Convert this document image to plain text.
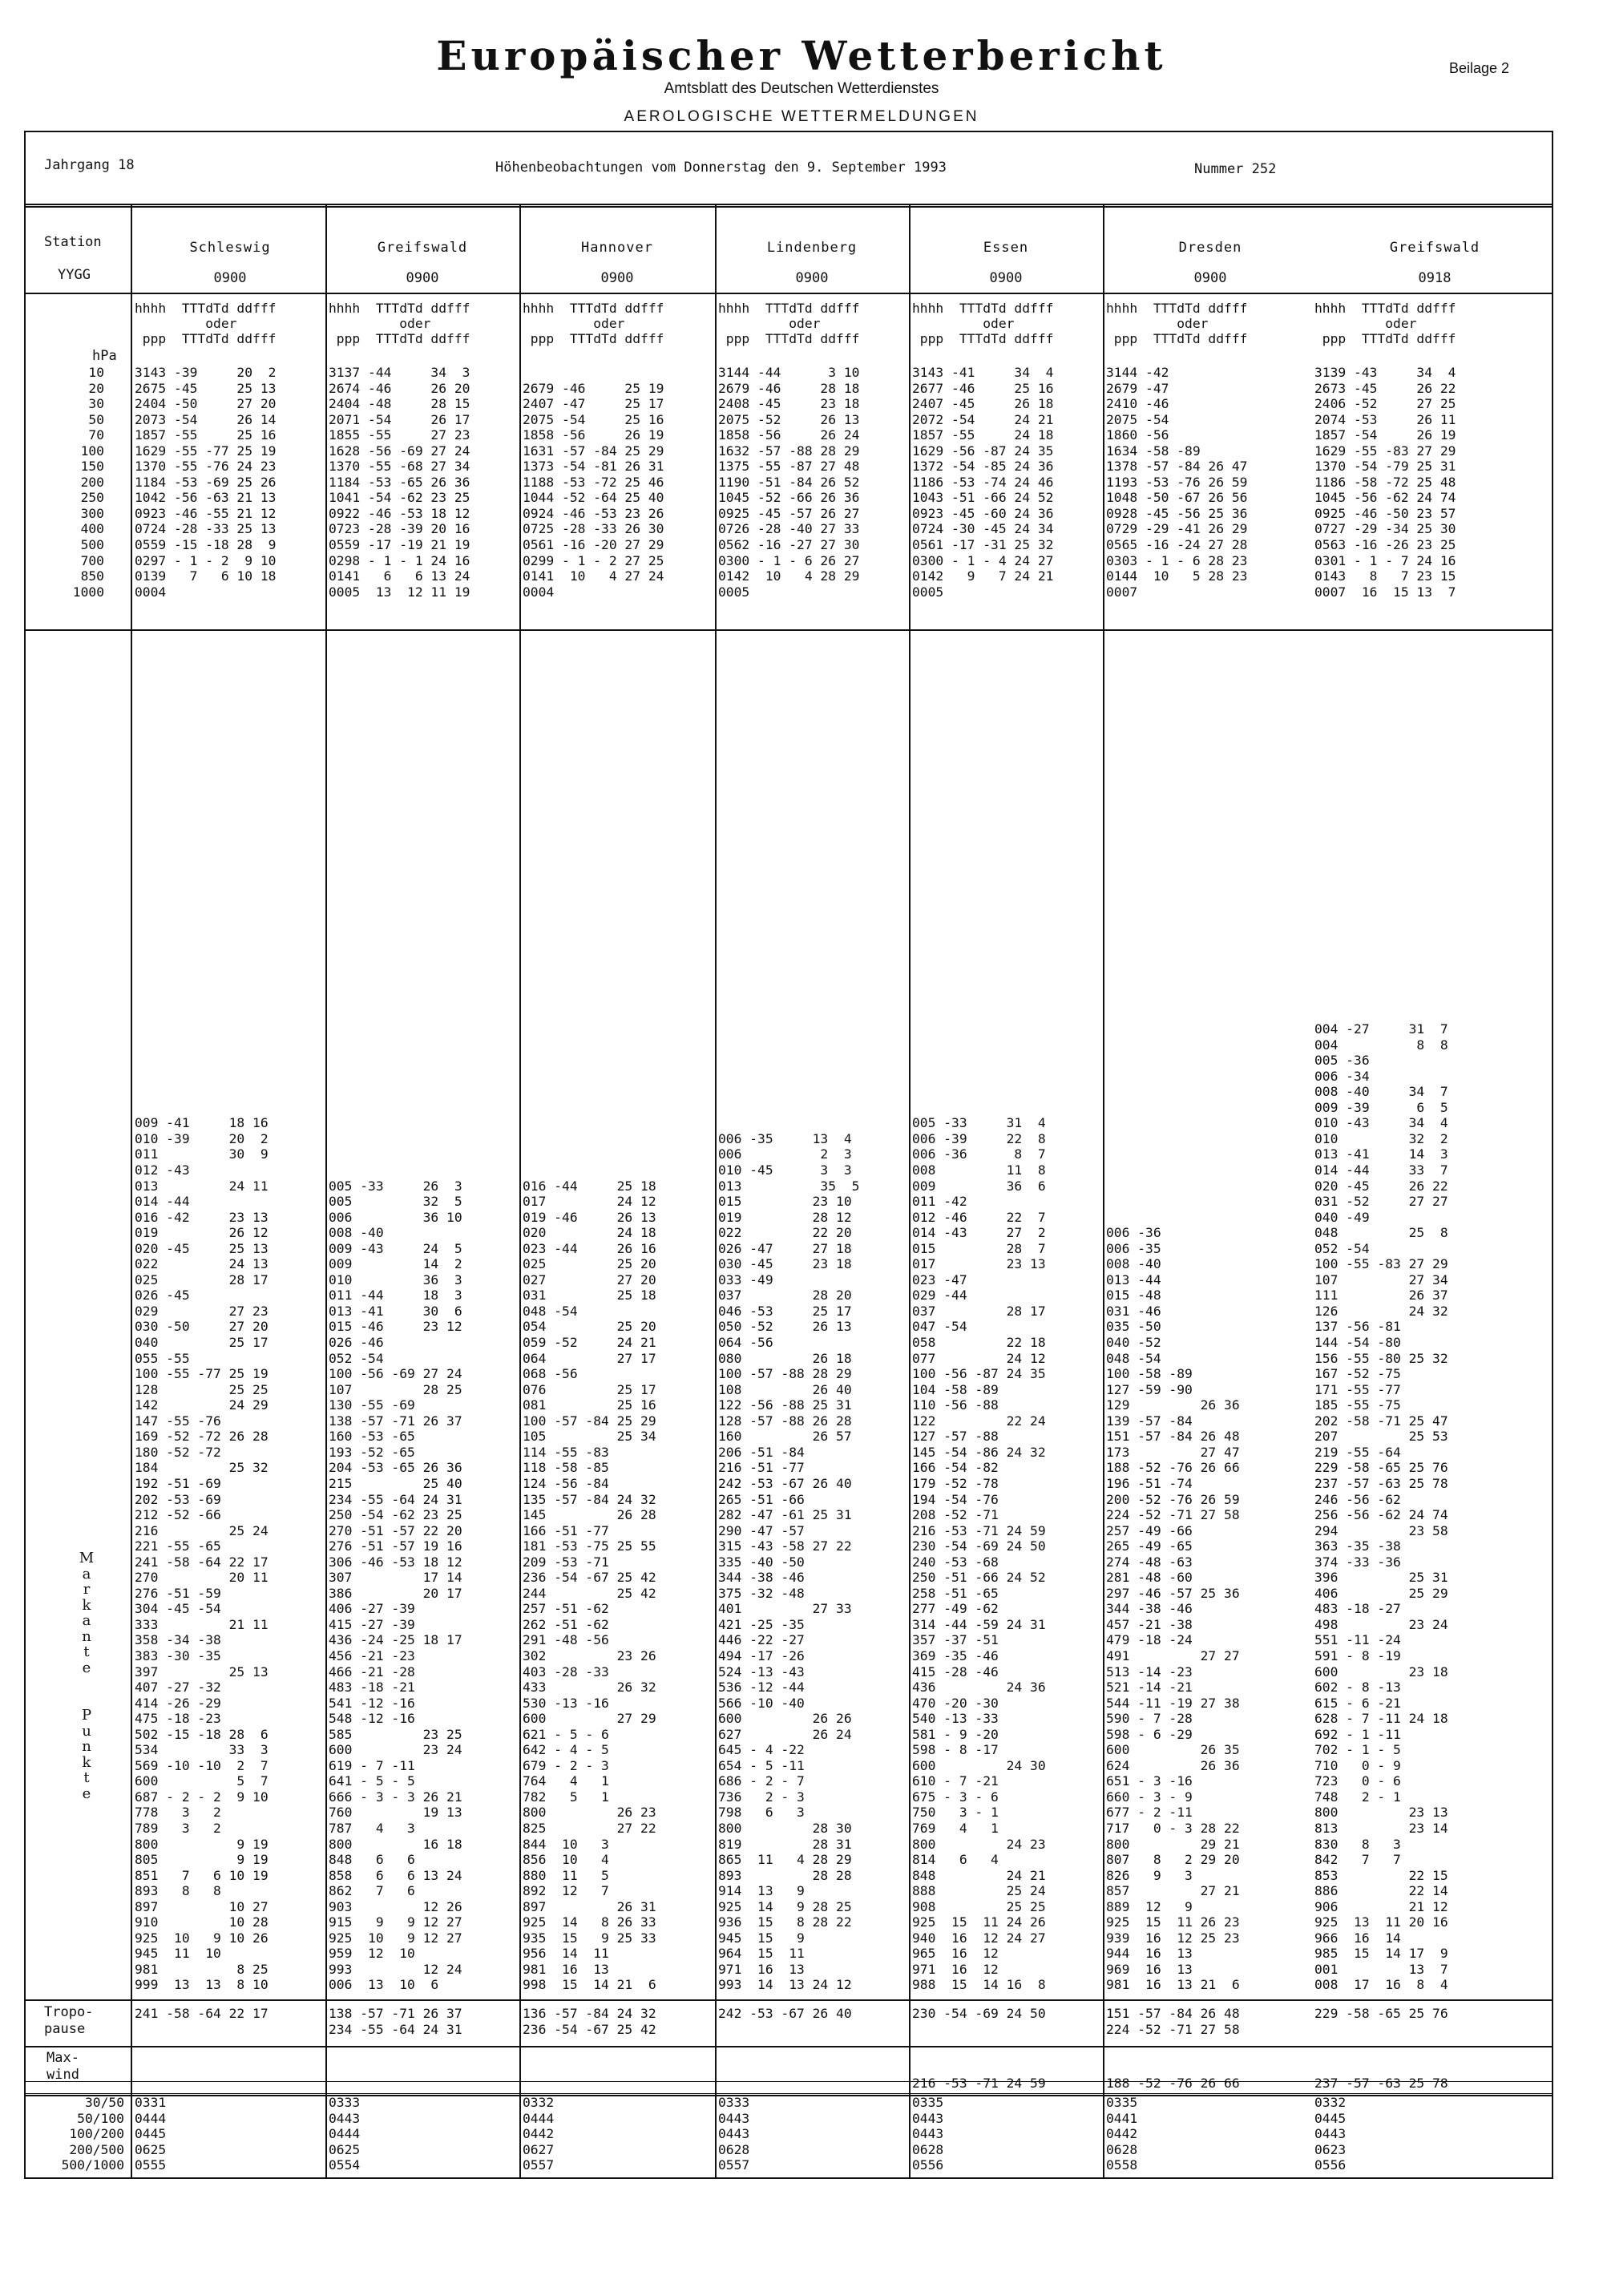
Europäischer Wetterbericht
Amtsblatt des Deutschen Wetterdienstes
AEROLOGISCHE WETTERMELDUNGEN
Beilage 2
Jahrgang 18	Höhenbeobachtungen vom Donnerstag den 9. September 1993	Nummer 252
Station
YYGG
hPa
10
20
30
50
70
100
150
200
250
300
400
500
700
850
1000
M
a
r
k
a
n
t
e
P
u
n
k
t
e
Tropo-
pause
Max-
wind
30/50
50/100
100/200
200/500
500/1000
Schleswig
0900
hhhh  TTTdTd ddfff
oder
ppp  TTTdTd ddfff
3143 -39     20  2
2675 -45     25 13
2404 -50     27 20
2073 -54     26 14
1857 -55     25 16
1629 -55 -77 25 19
1370 -55 -76 24 23
1184 -53 -69 25 26
1042 -56 -63 21 13
0923 -46 -55 21 12
0724 -28 -33 25 13
0559 -15 -18 28  9
0297 - 1 - 2  9 10
0139   7   6 10 18
0004
009 -41     18 16
010 -39     20  2
011         30  9
012 -43
013         24 11
014 -44
016 -42     23 13
019         26 12
020 -45     25 13
022         24 13
025         28 17
026 -45
029         27 23
030 -50     27 20
040         25 17
055 -55
100 -55 -77 25 19
128         25 25
142         24 29
147 -55 -76
169 -52 -72 26 28
180 -52 -72
184         25 32
192 -51 -69
202 -53 -69
212 -52 -66
216         25 24
221 -55 -65
241 -58 -64 22 17
270         20 11
276 -51 -59
304 -45 -54
333         21 11
358 -34 -38
383 -30 -35
397         25 13
407 -27 -32
414 -26 -29
475 -18 -23
502 -15 -18 28  6
534         33  3
569 -10 -10  2  7
600          5  7
687 - 2 - 2  9 10
778   3   2
789   3   2
800          9 19
805          9 19
851   7   6 10 19
893   8   8
897         10 27
910         10 28
925  10   9 10 26
945  11  10
981          8 25
999  13  13  8 10
241 -58 -64 22 17
0331
0444
0445
0625
0555
Greifswald
0900
hhhh  TTTdTd ddfff
oder
ppp  TTTdTd ddfff
3137 -44     34  3
2674 -46     26 20
2404 -48     28 15
2071 -54     26 17
1855 -55     27 23
1628 -56 -69 27 24
1370 -55 -68 27 34
1184 -53 -65 26 36
1041 -54 -62 23 25
0922 -46 -53 18 12
0723 -28 -39 20 16
0559 -17 -19 21 19
0298 - 1 - 1 24 16
0141   6   6 13 24
0005  13  12 11 19
005 -33     26  3
005         32  5
006         36 10
008 -40
009 -43     24  5
009         14  2
010         36  3
011 -44     18  3
013 -41     30  6
015 -46     23 12
026 -46
052 -54
100 -56 -69 27 24
107         28 25
130 -55 -69
138 -57 -71 26 37
160 -53 -65
193 -52 -65
204 -53 -65 26 36
215         25 40
234 -55 -64 24 31
250 -54 -62 23 25
270 -51 -57 22 20
276 -51 -57 19 16
306 -46 -53 18 12
307         17 14
386         20 17
406 -27 -39
415 -27 -39
436 -24 -25 18 17
456 -21 -23
466 -21 -28
483 -18 -21
541 -12 -16
548 -12 -16
585         23 25
600         23 24
619 - 7 -11
641 - 5 - 5
666 - 3 - 3 26 21
760         19 13
787   4   3
800         16 18
848   6   6
858   6   6 13 24
862   7   6
903         12 26
915   9   9 12 27
925  10   9 12 27
959  12  10
993         12 24
006  13  10  6
138 -57 -71 26 37
234 -55 -64 24 31
0333
0443
0444
0625
0554
Hannover
0900
hhhh  TTTdTd ddfff
oder
ppp  TTTdTd ddfff

2679 -46     25 19
2407 -47     25 17
2075 -54     25 16
1858 -56     26 19
1631 -57 -84 25 29
1373 -54 -81 26 31
1188 -53 -72 25 46
1044 -52 -64 25 40
0924 -46 -53 23 26
0725 -28 -33 26 30
0561 -16 -20 27 29
0299 - 1 - 2 27 25
0141  10   4 27 24
0004
016 -44     25 18
017         24 12
019 -46     26 13
020         24 18
023 -44     26 16
025         25 20
027         27 20
031         25 18
048 -54
054         25 20
059 -52     24 21
064         27 17
068 -56
076         25 17
081         25 16
100 -57 -84 25 29
105         25 34
114 -55 -83
118 -58 -85
124 -56 -84
135 -57 -84 24 32
145         26 28
166 -51 -77
181 -53 -75 25 55
209 -53 -71
236 -54 -67 25 42
244         25 42
257 -51 -62
262 -51 -62
291 -48 -56
302         23 26
403 -28 -33
433         26 32
530 -13 -16
600         27 29
621 - 5 - 6
642 - 4 - 5
679 - 2 - 3
764   4   1
782   5   1
800         26 23
825         27 22
844  10   3
856  10   4
880  11   5
892  12   7
897         26 31
925  14   8 26 33
935  15   9 25 33
956  14  11
981  16  13
998  15  14 21  6
136 -57 -84 24 32
236 -54 -67 25 42
0332
0444
0442
0627
0557
Lindenberg
0900
hhhh  TTTdTd ddfff
oder
ppp  TTTdTd ddfff
3144 -44      3 10
2679 -46     28 18
2408 -45     23 18
2075 -52     26 13
1858 -56     26 24
1632 -57 -88 28 29
1375 -55 -87 27 48
1190 -51 -84 26 52
1045 -52 -66 26 36
0925 -45 -57 26 27
0726 -28 -40 27 33
0562 -16 -27 27 30
0300 - 1 - 6 26 27
0142  10   4 28 29
0005

006 -35     13  4
006          2  3
010 -45      3  3
013          35  5
015         23 10
019         28 12
022         22 20
026 -47     27 18
030 -45     23 18
033 -49
037         28 20
046 -53     25 17
050 -52     26 13
064 -56
080         26 18
100 -57 -88 28 29
108         26 40
122 -56 -88 25 31
128 -57 -88 26 28
160         26 57
206 -51 -84
216 -51 -77
242 -53 -67 26 40
265 -51 -66
282 -47 -61 25 31
290 -47 -57
315 -43 -58 27 22
335 -40 -50
344 -38 -46
375 -32 -48
401         27 33
421 -25 -35
446 -22 -27
494 -17 -26
524 -13 -43
536 -12 -44
566 -10 -40
600         26 26
627         26 24
645 - 4 -22
654 - 5 -11
686 - 2 - 7
736   2 - 3
798   6   3
800         28 30
819         28 31
865  11   4 28 29
893         28 28
914  13   9
925  14   9 28 25
936  15   8 28 22
945  15   9
964  15  11
971  16  13
993  14  13 24 12
242 -53 -67 26 40
0333
0443
0443
0628
0557
Essen
0900
hhhh  TTTdTd ddfff
oder
ppp  TTTdTd ddfff
3143 -41     34  4
2677 -46     25 16
2407 -45     26 18
2072 -54     24 21
1857 -55     24 18
1629 -56 -87 24 35
1372 -54 -85 24 36
1186 -53 -74 24 46
1043 -51 -66 24 52
0923 -45 -60 24 36
0724 -30 -45 24 34
0561 -17 -31 25 32
0300 - 1 - 4 24 27
0142   9   7 24 21
0005

005 -33     31  4
006 -39     22  8
006 -36      8  7
008         11  8
009         36  6
011 -42
012 -46     22  7
014 -43     27  2
015         28  7
017         23 13
023 -47
029 -44
037         28 17
047 -54
058         22 18
077         24 12
100 -56 -87 24 35
104 -58 -89
110 -56 -88
122         22 24
127 -57 -88
145 -54 -86 24 32
166 -54 -82
179 -52 -78
194 -54 -76
208 -52 -71
216 -53 -71 24 59
230 -54 -69 24 50
240 -53 -68
250 -51 -66 24 52
258 -51 -65
277 -49 -62
314 -44 -59 24 31
357 -37 -51
369 -35 -46
415 -28 -46
436         24 36
470 -20 -30
540 -13 -33
581 - 9 -20
598 - 8 -17
600         24 30
610 - 7 -21
675 - 3 - 6
750   3 - 1
769   4   1
800         24 23
814   6   4
848         24 21
888         25 24
908         25 25
925  15  11 24 26
940  16  12 24 27
965  16  12
971  16  12
988  15  14 16  8
230 -54 -69 24 50
216 -53 -71 24 59
0335
0443
0443
0628
0556
Dresden
0900
hhhh  TTTdTd ddfff
oder
ppp  TTTdTd ddfff
3144 -42
2679 -47
2410 -46
2075 -54
1860 -56
1634 -58 -89
1378 -57 -84 26 47
1193 -53 -76 26 59
1048 -50 -67 26 56
0928 -45 -56 25 36
0729 -29 -41 26 29
0565 -16 -24 27 28
0303 - 1 - 6 28 23
0144  10   5 28 23
0007

006 -36
006 -35
008 -40
013 -44
015 -48
031 -46
035 -50
040 -52
048 -54
100 -58 -89
127 -59 -90
129         26 36
139 -57 -84
151 -57 -84 26 48
173         27 47
188 -52 -76 26 66
196 -51 -74
200 -52 -76 26 59
224 -52 -71 27 58
257 -49 -66
265 -49 -65
274 -48 -63
281 -48 -60
297 -46 -57 25 36
344 -38 -46
457 -21 -38
479 -18 -24
491         27 27
513 -14 -23
521 -14 -21
544 -11 -19 27 38
590 - 7 -28
598 - 6 -29
600         26 35
624         26 36
651 - 3 -16
660 - 3 - 9
677 - 2 -11
717   0 - 3 28 22
800         29 21
807   8   2 29 20
826   9   3
857         27 21
889  12   9
925  15  11 26 23
939  16  12 25 23
944  16  13
969  16  13
981  16  13 21  6
151 -57 -84 26 48
224 -52 -71 27 58
188 -52 -76 26 66
0335
0441
0442
0628
0558
Greifswald
0918
hhhh  TTTdTd ddfff
oder
ppp  TTTdTd ddfff
3139 -43     34  4
2673 -45     26 22
2406 -52     27 25
2074 -53     26 11
1857 -54     26 19
1629 -55 -83 27 29
1370 -54 -79 25 31
1186 -58 -72 25 48
1045 -56 -62 24 74
0925 -46 -50 23 57
0727 -29 -34 25 30
0563 -16 -26 23 25
0301 - 1 - 7 24 16
0143   8   7 23 15
0007  16  15 13  7
004 -27     31  7
004          8  8
005 -36
006 -34
008 -40     34  7
009 -39      6  5
010 -43     34  4
010         32  2
013 -41     14  3
014 -44     33  7
020 -45     26 22
031 -52     27 27
040 -49
048         25  8
052 -54
100 -55 -83 27 29
107         27 34
111         26 37
126         24 32
137 -56 -81
144 -54 -80
156 -55 -80 25 32
167 -52 -75
171 -55 -77
185 -55 -75
202 -58 -71 25 47
207         25 53
219 -55 -64
229 -58 -65 25 76
237 -57 -63 25 78
246 -56 -62
256 -56 -62 24 74
294         23 58
363 -35 -38
374 -33 -36
396         25 31
406         25 29
483 -18 -27
498         23 24
551 -11 -24
591 - 8 -19
600         23 18
602 - 8 -13
615 - 6 -21
628 - 7 -11 24 18
692 - 1 -11
702 - 1 - 5
710   0 - 9
723   0 - 6
748   2 - 1
800         23 13
813         23 14
830   8   3
842   7   7
853         22 15
886         22 14
906         21 12
925  13  11 20 16
966  16  14
985  15  14 17  9
001         13  7
008  17  16  8  4
229 -58 -65 25 76
237 -57 -63 25 78
0332
0445
0443
0623
0556
